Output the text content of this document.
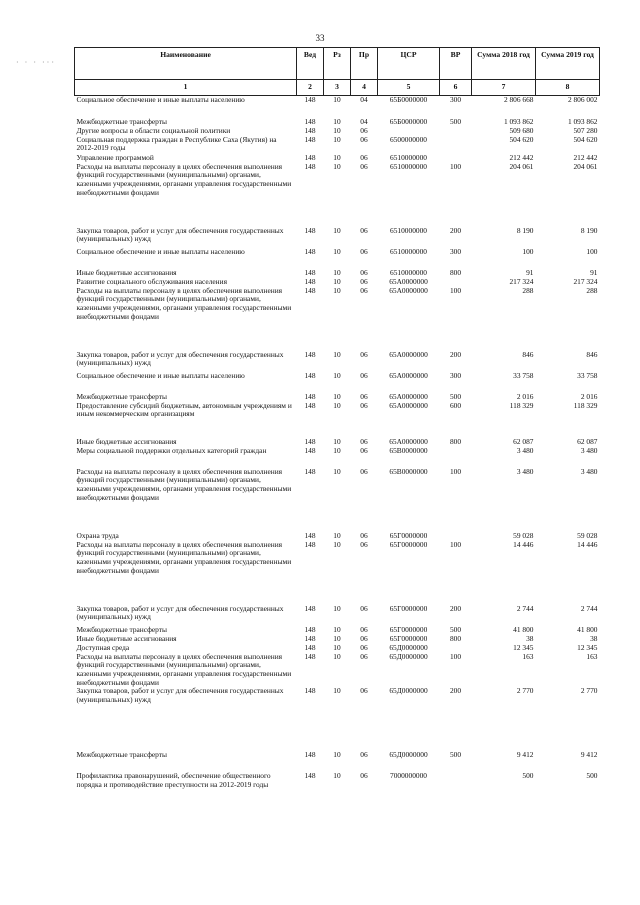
33
· · · ···
Наименование	Вед	Рз	Пр	ЦСР	ВР	Сумма 2018 год	Сумма 2019 год
1	2	3	4	5	6	7	8
Социальное обеспечение и иные выплаты населению	148	10	04	65Б0000000	300	2 806 668	2 806 002
Межбюджетные трансферты	148	10	04	65Б0000000	500	1 093 862	1 093 862
Другие вопросы в области социальной политики	148	10	06			509 680	507 280
Социальная поддержка граждан в Республике Саха (Якутия) на 2012-2019 годы	148	10	06	6500000000		504 620	504 620
Управление программой	148	10	06	6510000000		212 442	212 442
Расходы на выплаты персоналу в целях обеспечения выполнения функций государственными (муниципальными) органами, казенными учреждениями, органами управления государственными внебюджетными фондами	148	10	06	6510000000	100	204 061	204 061
Закупка товаров, работ и услуг для обеспечения государственных (муниципальных) нужд	148	10	06	6510000000	200	8 190	8 190
Социальное обеспечение и иные выплаты населению	148	10	06	6510000000	300	100	100
Иные бюджетные ассигнования	148	10	06	6510000000	800	91	91
Развитие социального обслуживания населения	148	10	06	65А0000000		217 324	217 324
Расходы на выплаты персоналу в целях обеспечения выполнения функций государственными (муниципальными) органами, казенными учреждениями, органами управления государственными внебюджетными фондами	148	10	06	65А0000000	100	288	288
Закупка товаров, работ и услуг для обеспечения государственных (муниципальных) нужд	148	10	06	65А0000000	200	846	846
Социальное обеспечение и иные выплаты населению	148	10	06	65А0000000	300	33 758	33 758
Межбюджетные трансферты	148	10	06	65А0000000	500	2 016	2 016
Предоставление субсидий бюджетным, автономным учреждениям и иным некоммерческим организациям	148	10	06	65А0000000	600	118 329	118 329
Иные бюджетные ассигнования	148	10	06	65А0000000	800	62 087	62 087
Меры социальной поддержки отдельных категорий граждан	148	10	06	65В0000000		3 480	3 480
Расходы на выплаты персоналу в целях обеспечения выполнения функций государственными (муниципальными) органами, казенными учреждениями, органами управления государственными внебюджетными фондами	148	10	06	65В0000000	100	3 480	3 480
Охрана труда	148	10	06	65Г0000000		59 028	59 028
Расходы на выплаты персоналу в целях обеспечения выполнения функций государственными (муниципальными) органами, казенными учреждениями, органами управления государственными внебюджетными фондами	148	10	06	65Г0000000	100	14 446	14 446
Закупка товаров, работ и услуг для обеспечения государственных (муниципальных) нужд	148	10	06	65Г0000000	200	2 744	2 744
Межбюджетные трансферты	148	10	06	65Г0000000	500	41 800	41 800
Иные бюджетные ассигнования	148	10	06	65Г0000000	800	38	38
Доступная среда	148	10	06	65Д0000000		12 345	12 345
Расходы на выплаты персоналу в целях обеспечения выполнения функций государственными (муниципальными) органами, казенными учреждениями, органами управления государственными внебюджетными фондами	148	10	06	65Д0000000	100	163	163
Закупка товаров, работ и услуг для обеспечения государственных (муниципальных) нужд	148	10	06	65Д0000000	200	2 770	2 770
Межбюджетные трансферты	148	10	06	65Д0000000	500	9 412	9 412
Профилактика правонарушений, обеспечение общественного порядка и противодействие преступности на 2012-2019 годы	148	10	06	7000000000		500	500
